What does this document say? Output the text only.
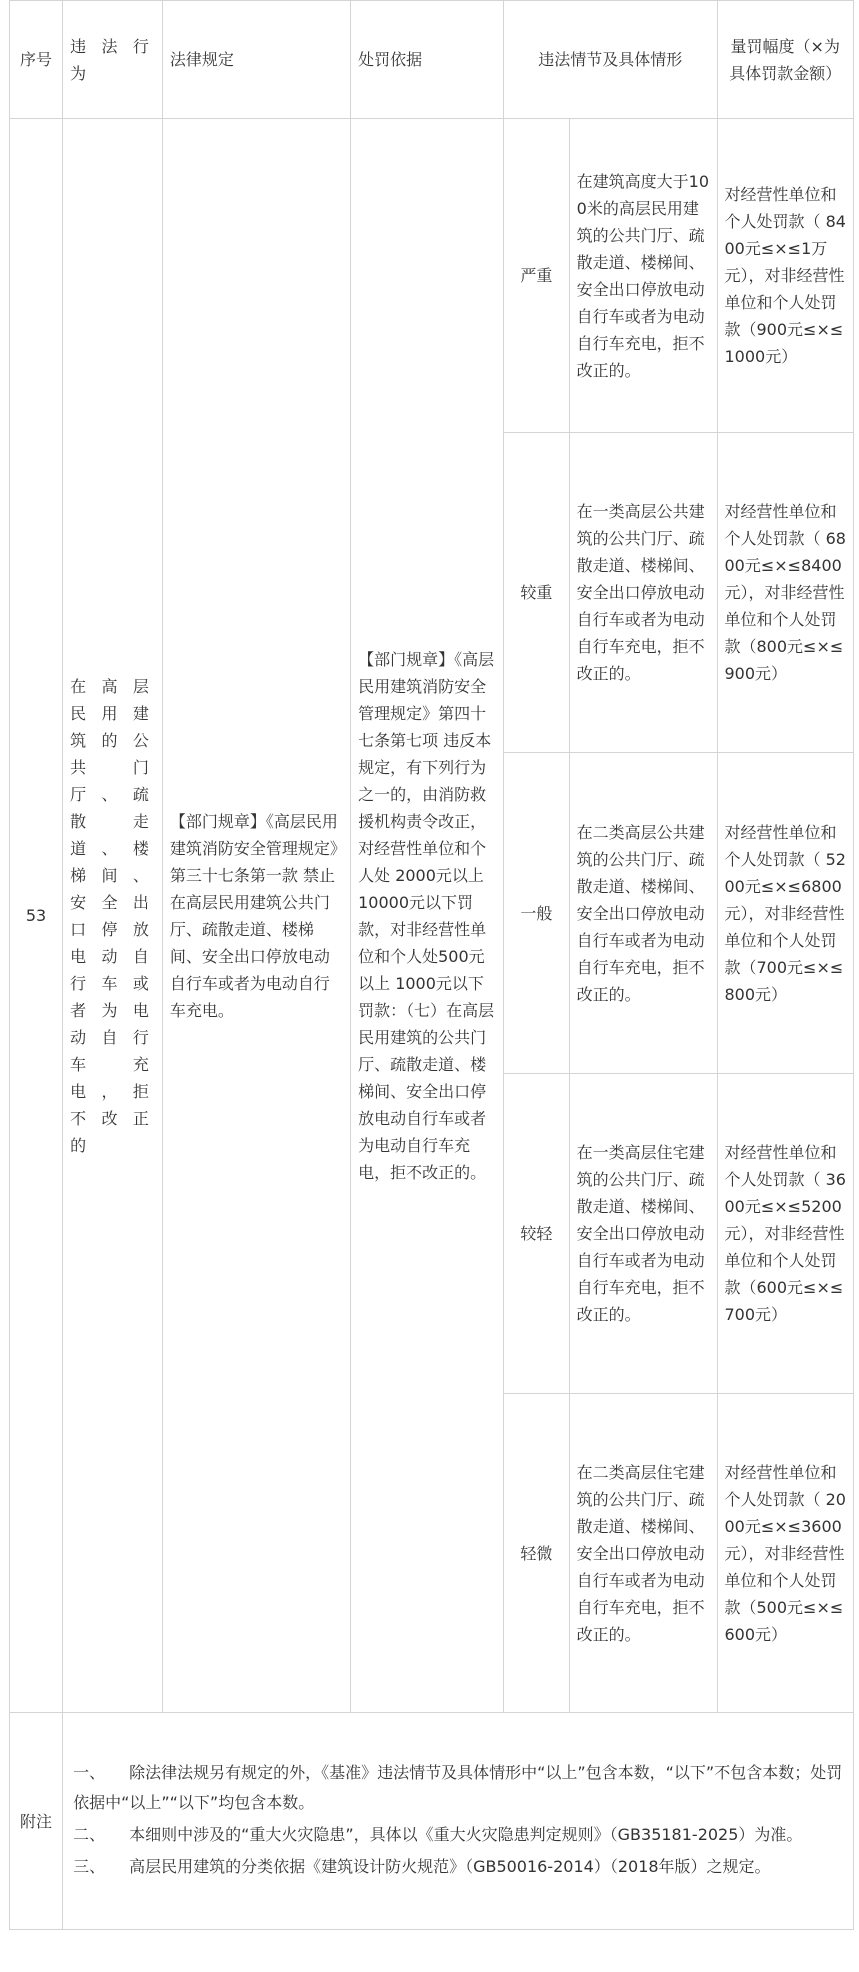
序号	违法行为	法律规定	处罚依据	违法情节及具体情形		量罚幅度（×为具体罚款金额）
53	在高层民用建筑的公共门厅、疏散走道、楼梯间、安全出口停放电动自行车或者为电动自行车充电，拒不改正的	【部门规章】《高层民用建筑消防安全管理规定》第三十七条第一款 禁止在高层民用建筑公共门厅、疏散走道、楼梯间、安全出口停放电动自行车或者为电动自行车充电。	【部门规章】《高层民用建筑消防安全管理规定》第四十七条第七项 违反本规定，有下列行为之一的，由消防救援机构责令改正，对经营性单位和个人处 2000元以上 10000元以下罚款，对非经营性单位和个人处500元以上 1000元以下罚款：（七）在高层民用建筑的公共门厅、疏散走道、楼梯间、安全出口停放电动自行车或者为电动自行车充电，拒不改正的。	严重	在建筑高度大于100米的高层民用建筑的公共门厅、疏散走道、楼梯间、安全出口停放电动自行车或者为电动自行车充电，拒不改正的。	对经营性单位和个人处罚款（ 8400元≤×≤1万元），对非经营性单位和个人处罚款（900元≤×≤1000元）
				较重	在一类高层公共建筑的公共门厅、疏散走道、楼梯间、安全出口停放电动自行车或者为电动自行车充电，拒不改正的。	对经营性单位和个人处罚款（ 6800元≤×≤8400元），对非经营性单位和个人处罚款（800元≤×≤900元）
				一般	在二类高层公共建筑的公共门厅、疏散走道、楼梯间、安全出口停放电动自行车或者为电动自行车充电，拒不改正的。	对经营性单位和个人处罚款（ 5200元≤×≤6800元），对非经营性单位和个人处罚款（700元≤×≤800元）
				较轻	在一类高层住宅建筑的公共门厅、疏散走道、楼梯间、安全出口停放电动自行车或者为电动自行车充电，拒不改正的。	对经营性单位和个人处罚款（ 3600元≤×≤5200元），对非经营性单位和个人处罚款（600元≤×≤700元）
				轻微	在二类高层住宅建筑的公共门厅、疏散走道、楼梯间、安全出口停放电动自行车或者为电动自行车充电，拒不改正的。	对经营性单位和个人处罚款（ 2000元≤×≤3600元），对非经营性单位和个人处罚款（500元≤×≤600元）
附注	一、　　除法律法规另有规定的外，《基准》违法情节及具体情形中“以上”包含本数，“以下”不包含本数；处罚依据中“以上”“以下”均包含本数。

二、　　本细则中涉及的“重大火灾隐患”，具体以《重大火灾隐患判定规则》（GB35181-2025）为准。

三、　　高层民用建筑的分类依据《建筑设计防火规范》（GB50016-2014）（2018年版）之规定。					
